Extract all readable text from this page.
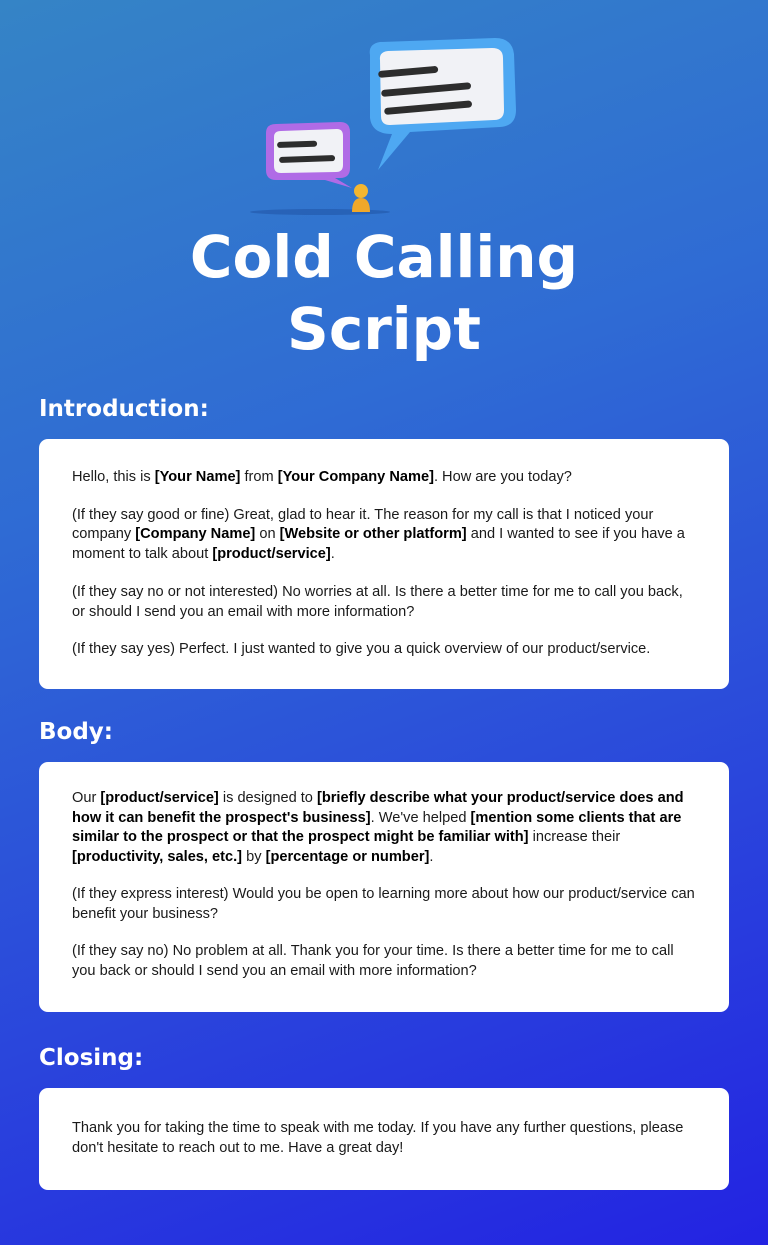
Cold Calling
Script
Introduction:

Hello, this is [Your Name] from [Your Company Name]. How are you today?

(If they say good or fine) Great, glad to hear it. The reason for my call is that I noticed your company [Company Name] on [Website or other platform] and I wanted to see if you have a moment to talk about [product/service].

(If they say no or not interested) No worries at all. Is there a better time for me to call you back, or should I send you an email with more information?

(If they say yes) Perfect. I just wanted to give you a quick overview of our product/service.

Body:

Our [product/service] is designed to [briefly describe what your product/service does and how it can benefit the prospect's business]. We've helped [mention some clients that are similar to the prospect or that the prospect might be familiar with] increase their [productivity, sales, etc.] by [percentage or number].

(If they express interest) Would you be open to learning more about how our product/service can benefit your business?

(If they say no) No problem at all. Thank you for your time. Is there a better time for me to call you back or should I send you an email with more information?

Closing:

Thank you for taking the time to speak with me today. If you have any further questions, please don't hesitate to reach out to me. Have a great day!
